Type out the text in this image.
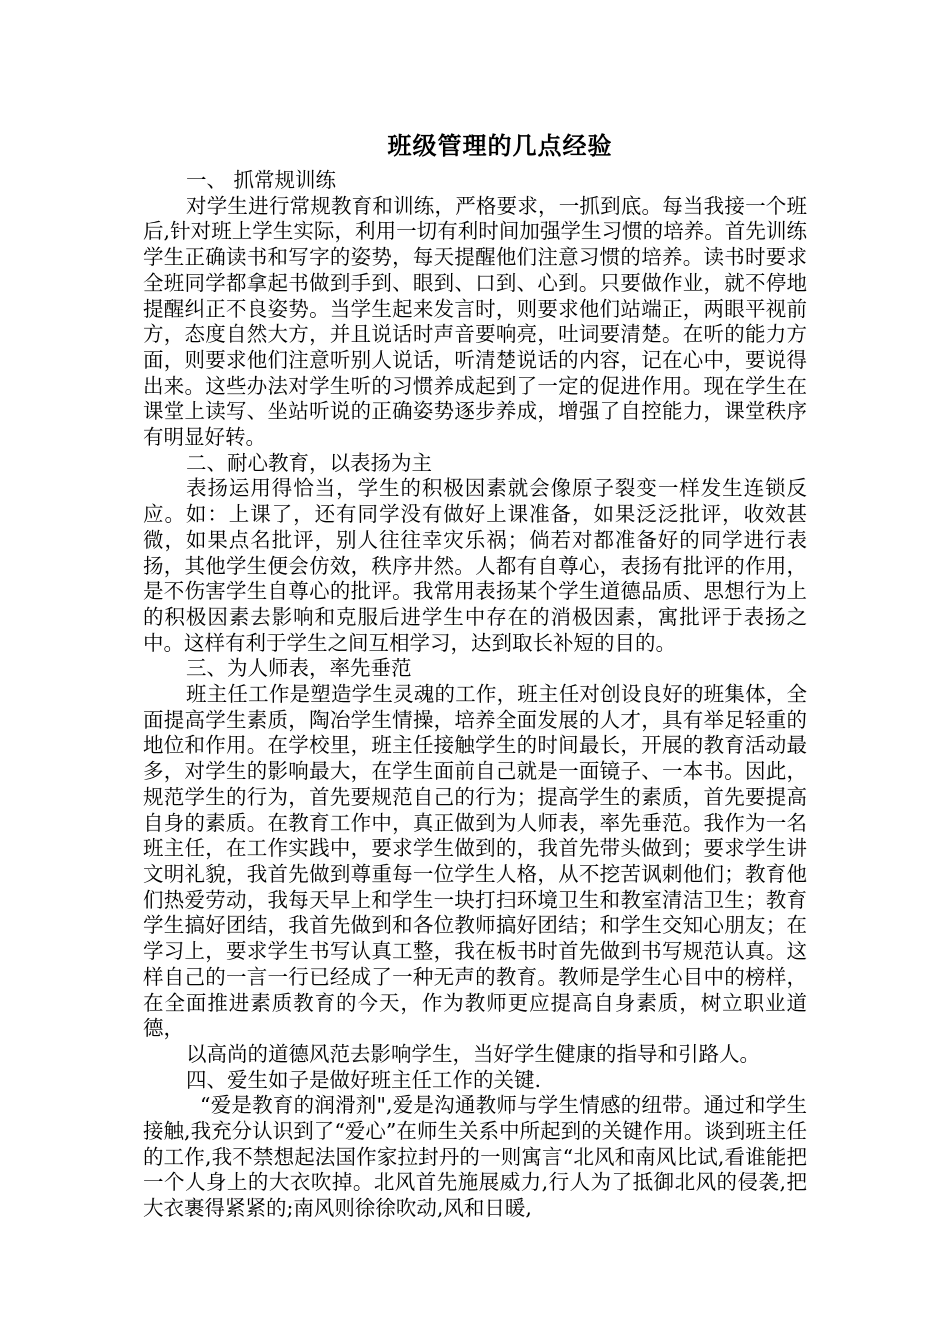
班级管理的几点经验

一、 抓常规训练

对学生进行常规教育和训练，严格要求，一抓到底。每当我接一个班后,针对班上学生实际，利用一切有利时间加强学生习惯的培养。首先训练学生正确读书和写字的姿势，每天提醒他们注意习惯的培养。读书时要求全班同学都拿起书做到手到、眼到、口到、心到。只要做作业，就不停地提醒纠正不良姿势。当学生起来发言时，则要求他们站端正，两眼平视前方，态度自然大方，并且说话时声音要响亮，吐词要清楚。在听的能力方面，则要求他们注意听别人说话，听清楚说话的内容，记在心中，要说得出来。这些办法对学生听的习惯养成起到了一定的促进作用。现在学生在课堂上读写、坐站听说的正确姿势逐步养成，增强了自控能力，课堂秩序有明显好转。

二、耐心教育，以表扬为主

表扬运用得恰当，学生的积极因素就会像原子裂变一样发生连锁反应。如：上课了，还有同学没有做好上课准备，如果泛泛批评，收效甚微，如果点名批评，别人往往幸灾乐祸；倘若对都准备好的同学进行表扬，其他学生便会仿效，秩序井然。人都有自尊心，表扬有批评的作用，是不伤害学生自尊心的批评。我常用表扬某个学生道德品质、思想行为上的积极因素去影响和克服后进学生中存在的消极因素，寓批评于表扬之中。这样有利于学生之间互相学习，达到取长补短的目的。

三、为人师表，率先垂范

班主任工作是塑造学生灵魂的工作，班主任对创设良好的班集体，全面提高学生素质，陶冶学生情操，培养全面发展的人才，具有举足轻重的地位和作用。在学校里，班主任接触学生的时间最长，开展的教育活动最多，对学生的影响最大，在学生面前自己就是一面镜子、一本书。因此，规范学生的行为，首先要规范自己的行为；提高学生的素质，首先要提高自身的素质。在教育工作中，真正做到为人师表，率先垂范。我作为一名班主任，在工作实践中，要求学生做到的，我首先带头做到；要求学生讲文明礼貌，我首先做到尊重每一位学生人格，从不挖苦讽刺他们；教育他们热爱劳动，我每天早上和学生一块打扫环境卫生和教室清洁卫生；教育学生搞好团结，我首先做到和各位教师搞好团结；和学生交知心朋友；在学习上，要求学生书写认真工整，我在板书时首先做到书写规范认真。这样自己的一言一行已经成了一种无声的教育。教师是学生心目中的榜样，在全面推进素质教育的今天，作为教师更应提高自身素质，树立职业道德，

以高尚的道德风范去影响学生，当好学生健康的指导和引路人。

四、爱生如子是做好班主任工作的关键.

“爱是教育的润滑剂",爱是沟通教师与学生情感的纽带。通过和学生接触,我充分认识到了“爱心”在师生关系中所起到的关键作用。谈到班主任的工作,我不禁想起法国作家拉封丹的一则寓言“北风和南风比试,看谁能把一个人身上的大衣吹掉。北风首先施展威力,行人为了抵御北风的侵袭,把大衣裹得紧紧的;南风则徐徐吹动,风和日暖,
